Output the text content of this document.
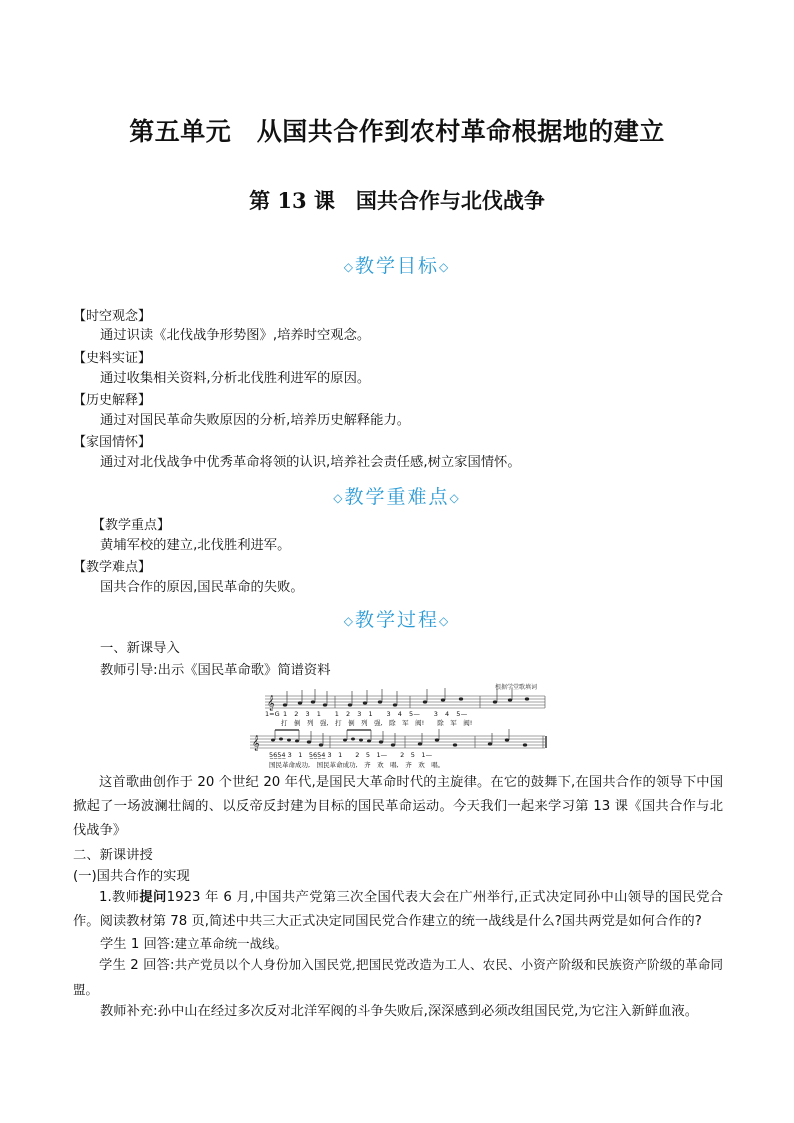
第五单元　从国共合作到农村革命根据地的建立
第 13 课　国共合作与北伐战争
◇教学目标◇
【时空观念】
通过识读《北伐战争形势图》,培养时空观念。
【史料实证】
通过收集相关资料,分析北伐胜利进军的原因。
【历史解释】
通过对国民革命失败原因的分析,培养历史解释能力。
【家国情怀】
通过对北伐战争中优秀革命将领的认识,培养社会责任感,树立家国情怀。
◇教学重难点◇
【教学重点】
黄埔军校的建立,北伐胜利进军。
【教学难点】
国共合作的原因,国民革命的失败。
◇教学过程◇
一、新课导入
教师引导:出示《国民革命歌》简谱资料
𝄞
𝄞
根据学堂歌填词
1=G 1　2　3　1　　1　2　3　1　　3　4　5—　　3　4　5—
打　倒　列　强,　打　倒　列　强,　除　军　阀!　　除　军　阀!
5̲6̲5̲4̲ 3　1　5̲6̲5̲4̲ 3　1　　2　5　1—　　2　5　1—
国民革命成功,　国民革命成功,　齐　欢　唱,　齐　欢　唱。
这首歌曲创作于 20 个世纪 20 年代,是国民大革命时代的主旋律。在它的鼓舞下,在国共合作的领导下中国掀起了一场波澜壮阔的、以反帝反封建为目标的国民革命运动。今天我们一起来学习第 13 课《国共合作与北伐战争》
二、新课讲授
(一)国共合作的实现
1.教师提问1923 年 6 月,中国共产党第三次全国代表大会在广州举行,正式决定同孙中山领导的国民党合作。阅读教材第 78 页,简述中共三大正式决定同国民党合作建立的统一战线是什么?国共两党是如何合作的?
学生 1 回答:建立革命统一战线。
学生 2 回答:共产党员以个人身份加入国民党,把国民党改造为工人、农民、小资产阶级和民族资产阶级的革命同盟。
教师补充:孙中山在经过多次反对北洋军阀的斗争失败后,深深感到必须改组国民党,为它注入新鲜血液。
